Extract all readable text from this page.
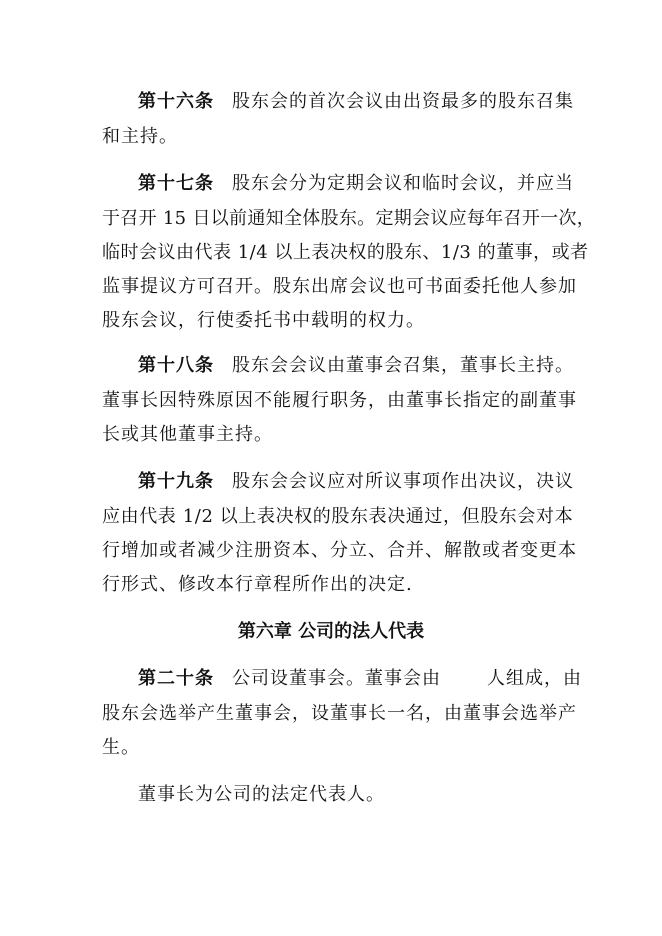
第十六条 股东会的首次会议由出资最多的股东召集
和主持。
第十七条 股东会分为定期会议和临时会议，并应当
于召开 15 日以前通知全体股东。定期会议应每年召开一次，
临时会议由代表 1/4 以上表决权的股东、1/3 的董事，或者
监事提议方可召开。股东出席会议也可书面委托他人参加
股东会议，行使委托书中载明的权力。
第十八条 股东会会议由董事会召集，董事长主持。
董事长因特殊原因不能履行职务，由董事长指定的副董事
长或其他董事主持。
第十九条 股东会会议应对所议事项作出决议，决议
应由代表 1/2 以上表决权的股东表决通过，但股东会对本
行增加或者减少注册资本、分立、合并、解散或者变更本
行形式、修改本行章程所作出的决定.
第六章 公司的法人代表
第二十条 公司设董事会。董事会由	人组成，由
股东会选举产生董事会，设董事长一名，由董事会选举产
生。
董事长为公司的法定代表人。
